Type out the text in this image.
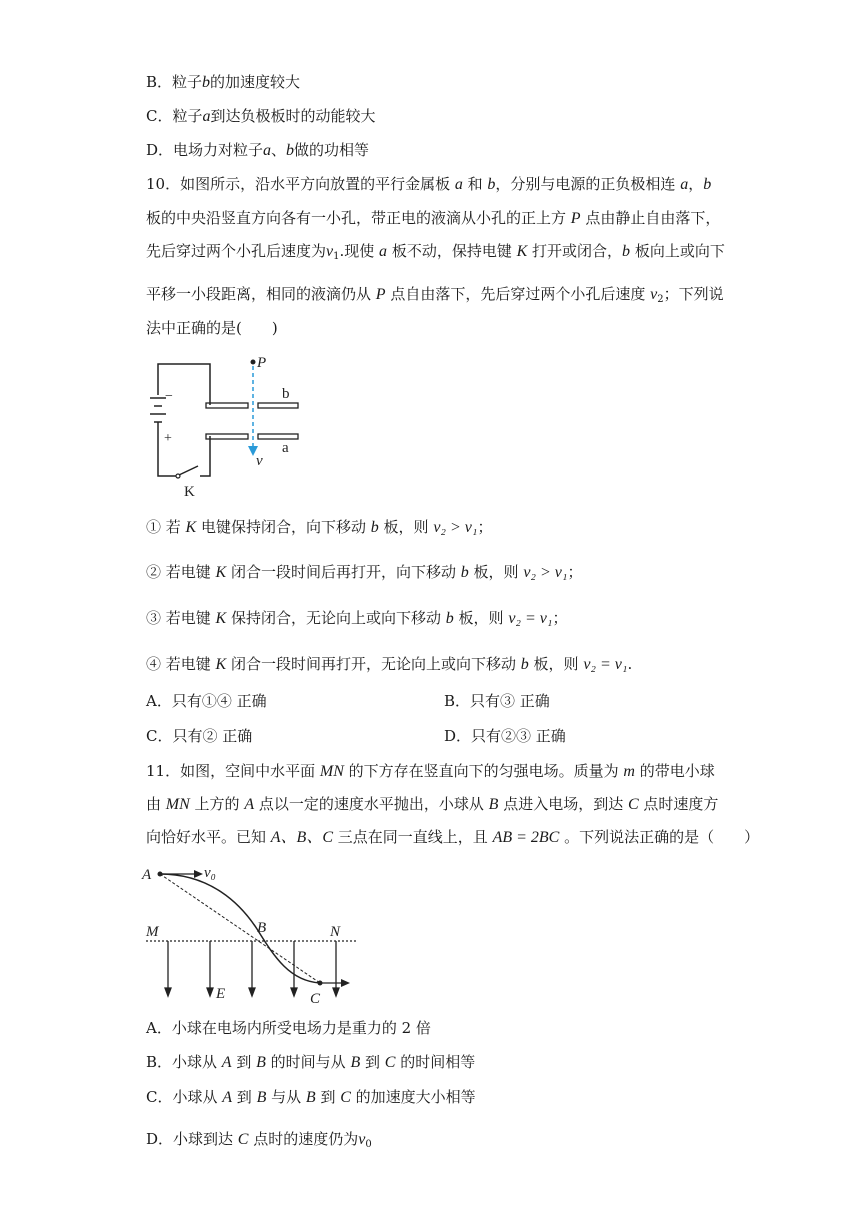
B．粒子b的加速度较大
C．粒子a到达负极板时的动能较大
D．电场力对粒子a、b做的功相等
10．如图所示，沿水平方向放置的平行金属板 a 和 b，分别与电源的正负极相连 a，b
板的中央沿竖直方向各有一小孔，带正电的液滴从小孔的正上方 P 点由静止自由落下，
先后穿过两个小孔后速度为$v_1$.现使 a 板不动，保持电键 K 打开或闭合，b 板向上或向下
平移一小段距离，相同的液滴仍从 P 点自由落下，先后穿过两个小孔后速度 $v_2$；下列说
法中正确的是(　　)
−
+
K
b
a
P
v
① 若 K 电键保持闭合，向下移动 b 板，则 v₂ > v₁；
② 若电键 K 闭合一段时间后再打开，向下移动 b 板，则 v₂ > v₁；
③ 若电键 K 保持闭合，无论向上或向下移动 b 板，则 v₂ = v₁；
④ 若电键 K 闭合一段时间再打开，无论向上或向下移动 b 板，则 v₂ = v₁.
A．只有①④ 正确	B．只有③ 正确
C．只有② 正确	D．只有②③ 正确
11．如图，空间中水平面 MN 的下方存在竖直向下的匀强电场。质量为 m 的带电小球
由 MN 上方的 A 点以一定的速度水平抛出，小球从 B 点进入电场，到达 C 点时速度方
向恰好水平。已知 A、B、C 三点在同一直线上，且 AB = 2BC 。下列说法正确的是（　　）
M	N
E
A	v₀
B
C
A．小球在电场内所受电场力是重力的 2 倍
B．小球从 A 到 B 的时间与从 B 到 C 的时间相等
C．小球从 A 到 B 与从 B 到 C 的加速度大小相等
D．小球到达 C 点时的速度仍为$v_0$
